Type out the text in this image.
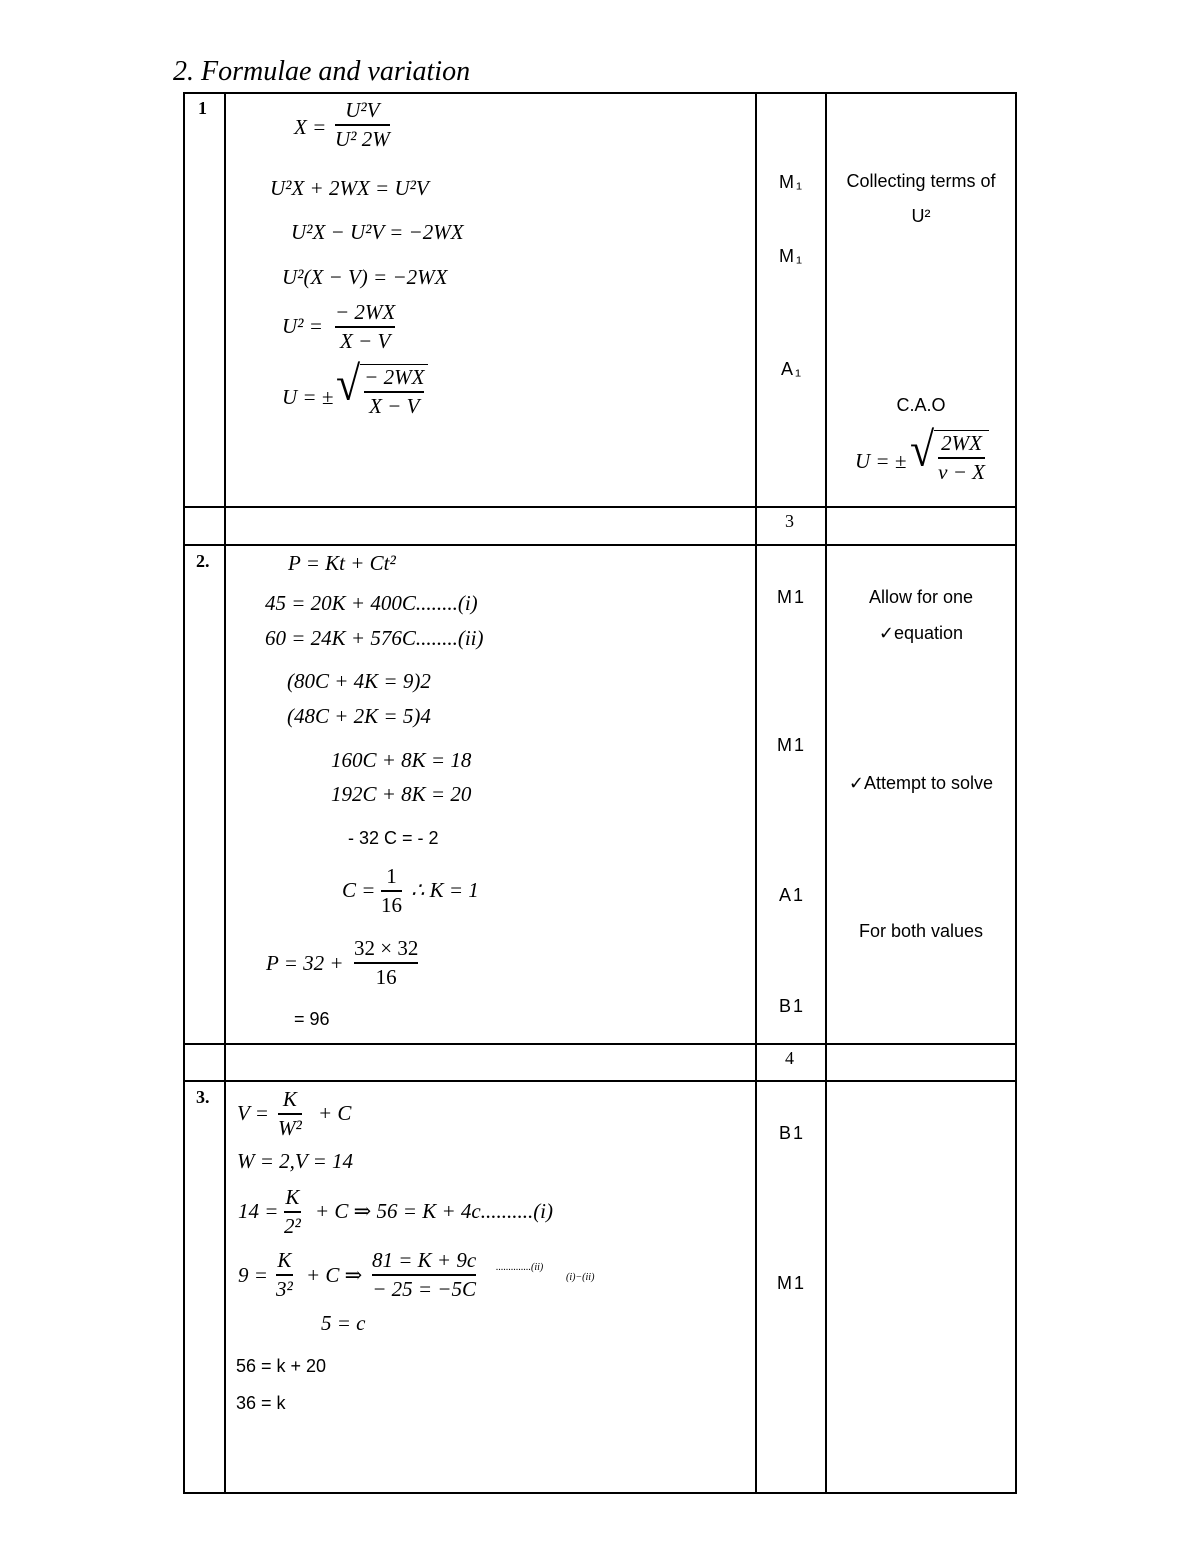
2. Formulae and variation
1
X =
U²V
U² 2W
U²X + 2WX = U²V
U²X − U²V = −2WX
U²(X − V) = −2WX
U² =
− 2WX
X − V
U = ± √ − 2WX
X − V
M₁
M₁
A₁
Collecting terms of
U²
C.A.O
U = ± √ 2WX
v − X
3
2.	P = Kt + Ct²
45 = 20K + 400C........(i)
60 = 24K + 576C........(ii)
(80C + 4K = 9)2
(48C + 2K = 5)4
160C + 8K = 18
192C + 8K = 20
- 32 C = - 2
C =
1
16
∴ K = 1
P = 32 +
32 × 32
16
= 96
M1
M1
A1
B1
Allow for one
✓equation
✓Attempt to solve
For both values
4
3.
V =
K
W²
+ C
W = 2,V = 14
14 =
K
2²
+ C ⇒ 56 = K + 4c..........(i)
9 =
K
3²
+ C ⇒
81 = K + 9c
− 25 = −5C
..............(ii)
(i)−(ii)
5 = c
56 = k + 20
36 = k
B1
M1
